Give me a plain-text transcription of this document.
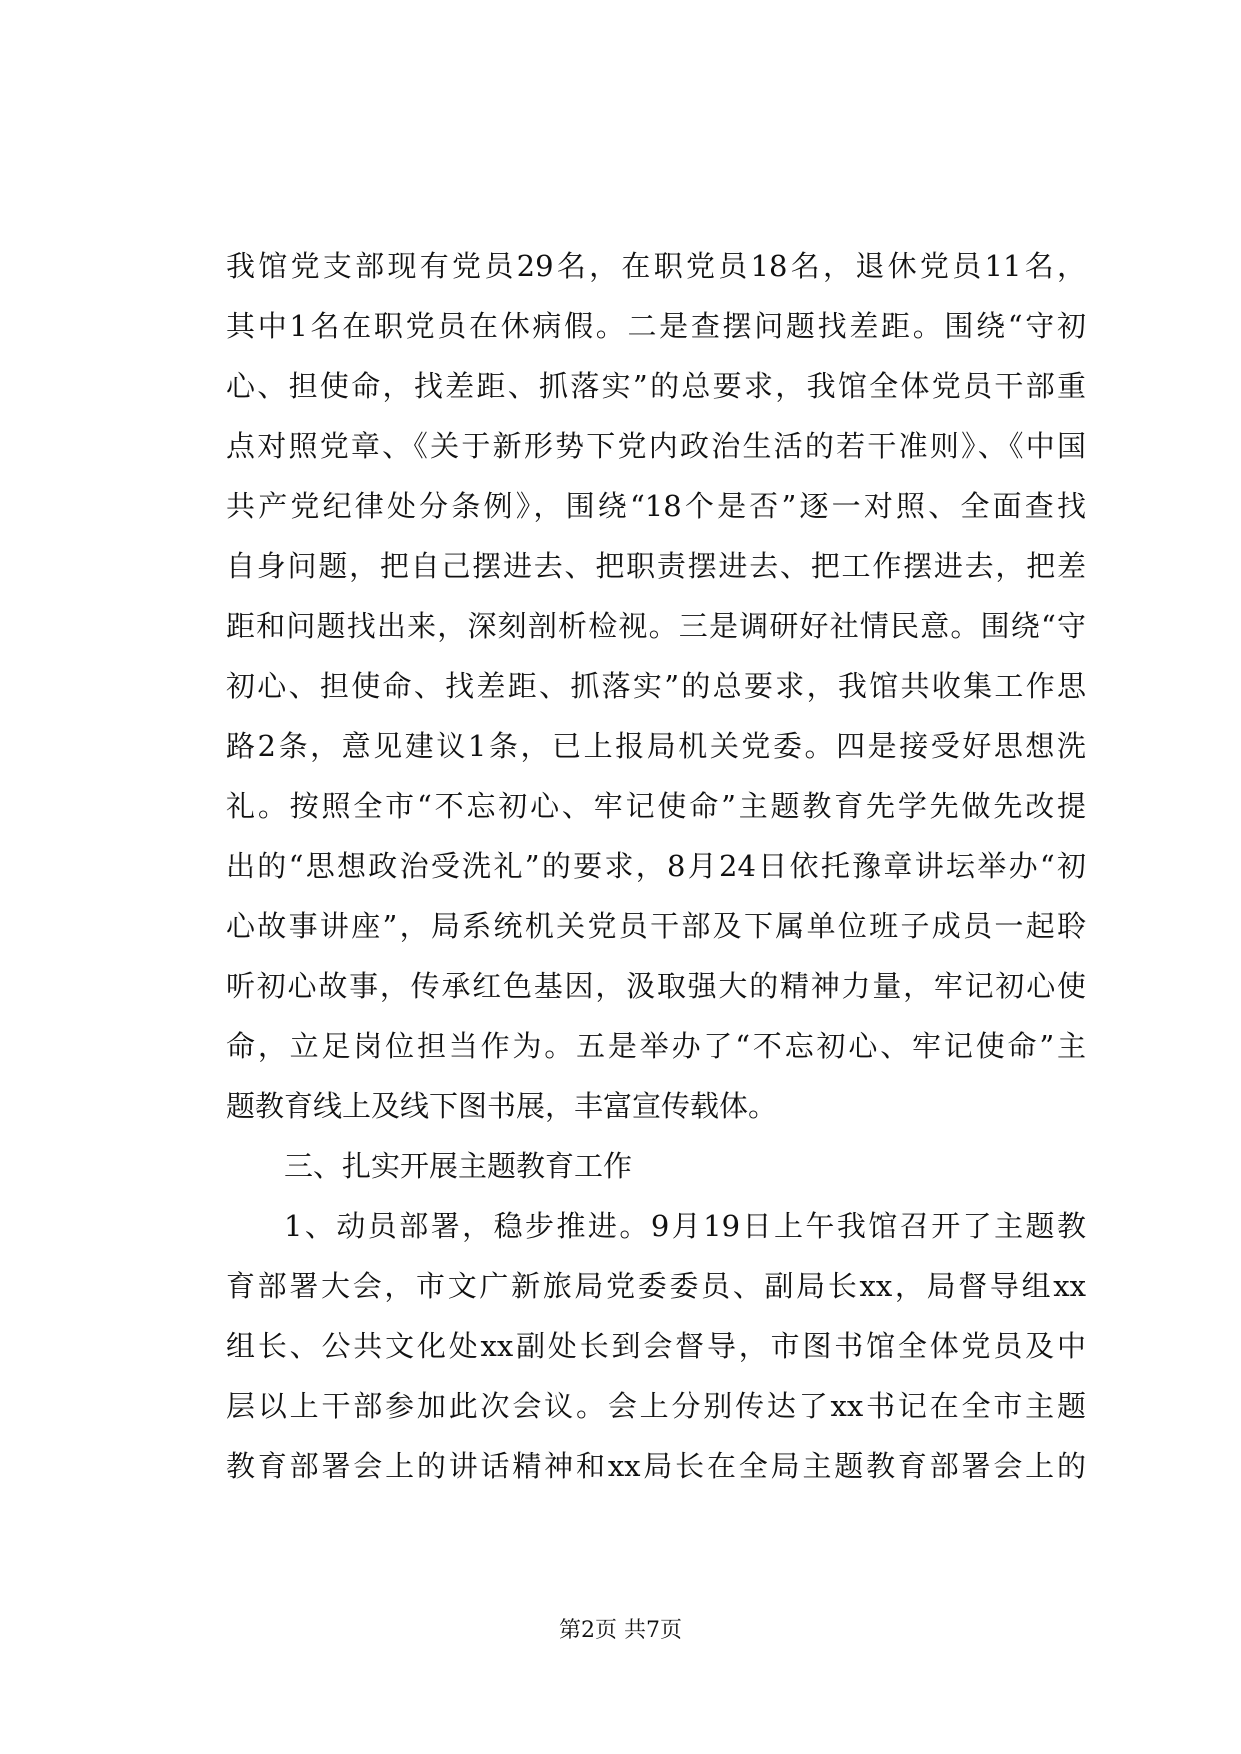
我馆党支部现有党员29名，在职党员18名，退休党员11名，
其中1名在职党员在休病假。二是查摆问题找差距。围绕“守初
心、担使命，找差距、抓落实”的总要求，我馆全体党员干部重
点对照党章、《关于新形势下党内政治生活的若干准则》、《中国
共产党纪律处分条例》，围绕“18个是否”逐一对照、全面查找
自身问题，把自己摆进去、把职责摆进去、把工作摆进去，把差
距和问题找出来，深刻剖析检视。三是调研好社情民意。围绕“守
初心、担使命、找差距、抓落实”的总要求，我馆共收集工作思
路2条，意见建议1条，已上报局机关党委。四是接受好思想洗
礼。按照全市“不忘初心、牢记使命”主题教育先学先做先改提
出的“思想政治受洗礼”的要求，8月24日依托豫章讲坛举办“初
心故事讲座”，局系统机关党员干部及下属单位班子成员一起聆
听初心故事，传承红色基因，汲取强大的精神力量，牢记初心使
命，立足岗位担当作为。五是举办了“不忘初心、牢记使命”主
题教育线上及线下图书展，丰富宣传载体。
三、扎实开展主题教育工作
1、动员部署，稳步推进。9月19日上午我馆召开了主题教
育部署大会，市文广新旅局党委委员、副局长xx，局督导组xx
组长、公共文化处xx副处长到会督导，市图书馆全体党员及中
层以上干部参加此次会议。会上分别传达了xx书记在全市主题
教育部署会上的讲话精神和xx局长在全局主题教育部署会上的
第2页 共7页
